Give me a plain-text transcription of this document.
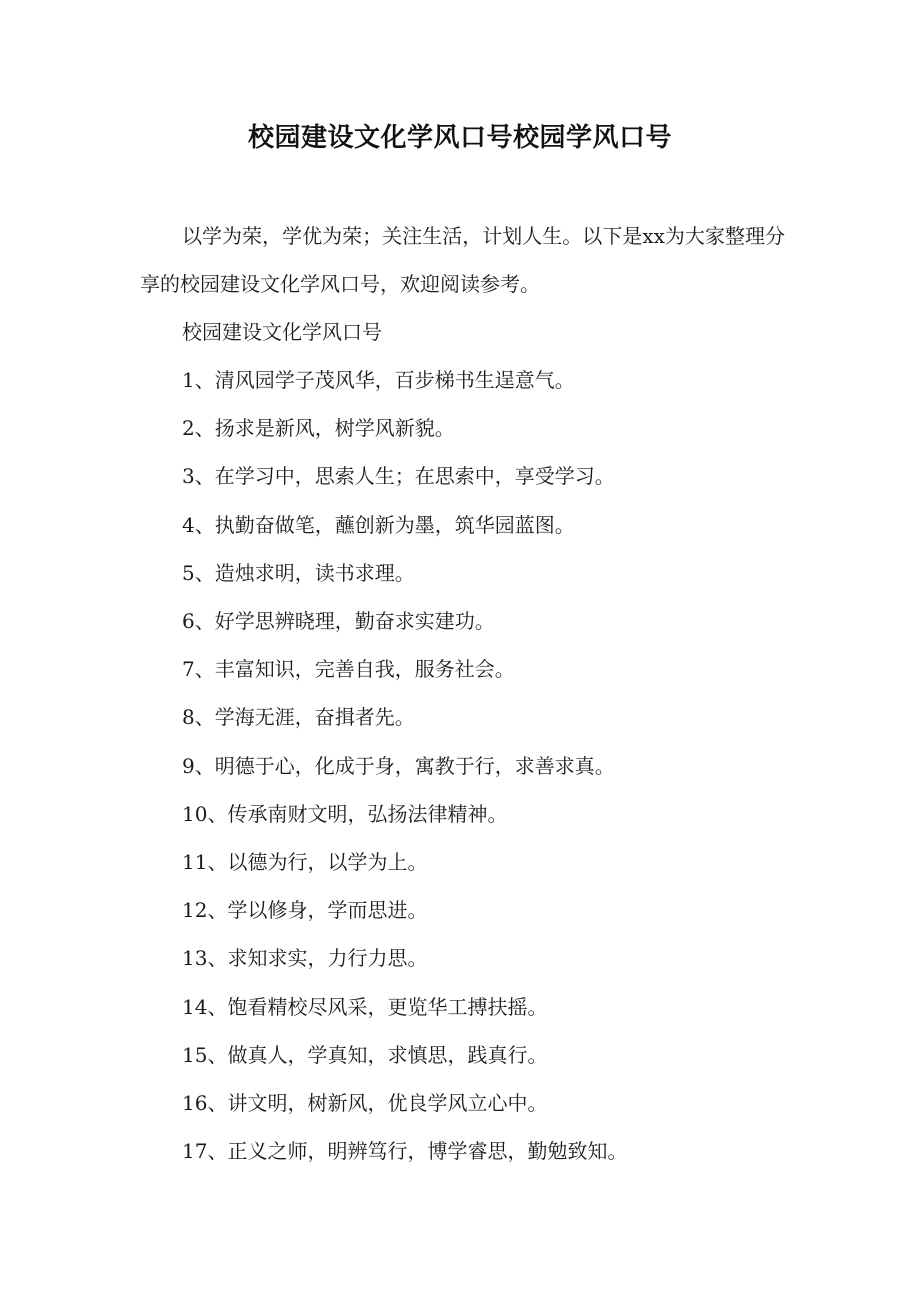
校园建设文化学风口号校园学风口号

以学为荣，学优为荣；关注生活，计划人生。以下是xx为大家整理分享的校园建设文化学风口号，欢迎阅读参考。

校园建设文化学风口号

1、清风园学子茂风华，百步梯书生逞意气。
2、扬求是新风，树学风新貌。
3、在学习中，思索人生；在思索中，享受学习。
4、执勤奋做笔，蘸创新为墨，筑华园蓝图。
5、造烛求明，读书求理。
6、好学思辨晓理，勤奋求实建功。
7、丰富知识，完善自我，服务社会。
8、学海无涯，奋揖者先。
9、明德于心，化成于身，寓教于行，求善求真。
10、传承南财文明，弘扬法律精神。
11、以德为行，以学为上。
12、学以修身，学而思进。
13、求知求实，力行力思。
14、饱看精校尽风采，更览华工搏扶摇。
15、做真人，学真知，求慎思，践真行。
16、讲文明，树新风，优良学风立心中。
17、正义之师，明辨笃行，博学睿思，勤勉致知。
